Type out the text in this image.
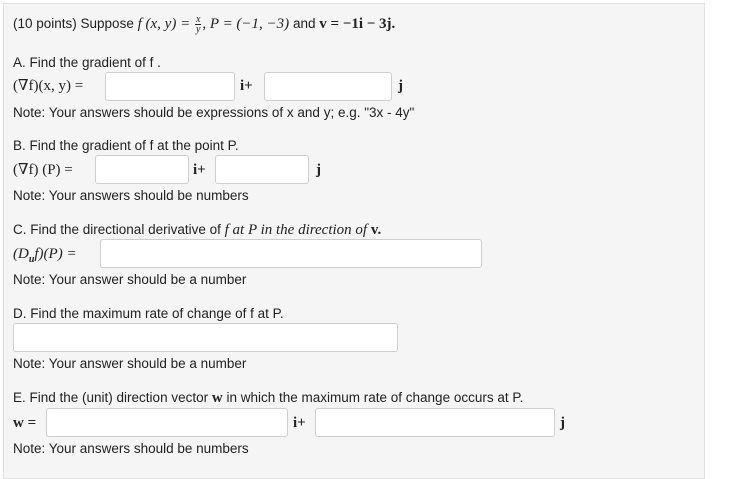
(10 points) Suppose f (x, $y) = \frac{x}{y}$ , P = (−1, −3) and v = −1i − 3j.
A. Find the gradient of f .
(∇f)(x, y) =	i+	j
Note: Your answers should be expressions of x and y; e.g. "3x - 4y"
B. Find the gradient of f at the point P.
(∇f) (P) =	i+	j
Note: Your answers should be numbers
C. Find the directional derivative of f at P in the direction of v.
$(D_uf)(P)$ =
Note: Your answer should be a number
D. Find the maximum rate of change of f at P.
Note: Your answer should be a number
E. Find the (unit) direction vector w in which the maximum rate of change occurs at P.
w =	i+	j
Note: Your answers should be numbers
